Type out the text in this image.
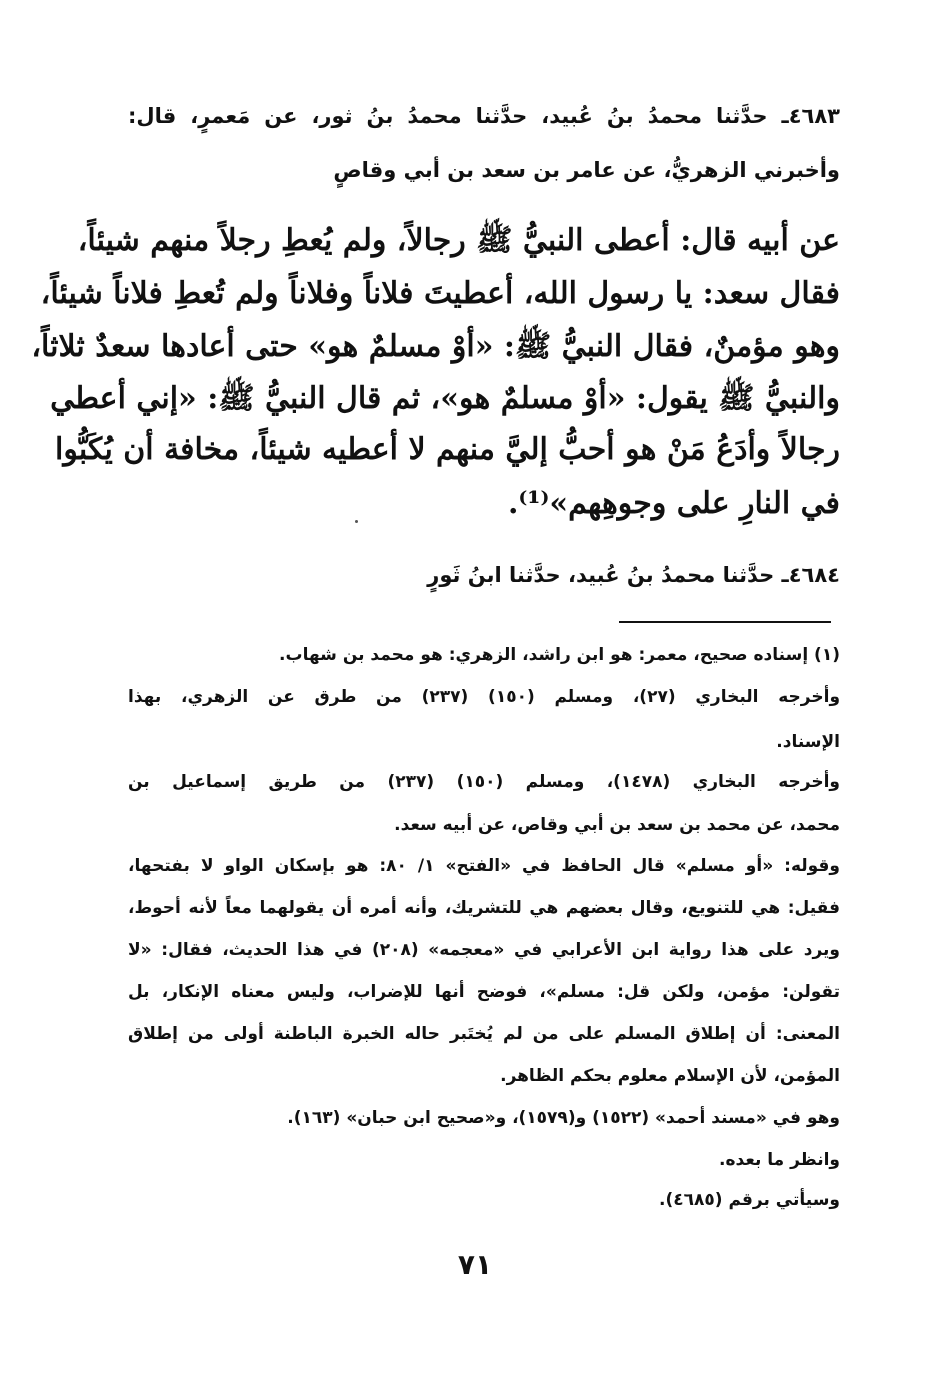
٤٦٨٣ـ حدَّثنا محمدُ بنُ عُبيد، حدَّثنا محمدُ بنُ ثور، عن مَعمرٍ، قال:
وأخبرني الزهريُّ، عن عامر بن سعد بن أبي وقاصٍ
عن أبيه قال: أعطى النبيُّ ﷺ رجالاً، ولم يُعطِ رجلاً منهم شيئاً،
فقال سعد: يا رسول الله، أعطيتَ فلاناً وفلاناً ولم تُعطِ فلاناً شيئاً،
وهو مؤمنٌ، فقال النبيُّ ﷺ: «أوْ مسلمٌ هو» حتى أعادها سعدٌ ثلاثاً،
والنبيُّ ﷺ يقول: «أوْ مسلمٌ هو»، ثم قال النبيُّ ﷺ: «إني أعطي
رجالاً وأدَعُ مَنْ هو أحبُّ إليَّ منهم لا أعطيه شيئاً، مخافة أن يُكَبُّوا
في النارِ على وجوهِهم»⁽¹⁾.
٤٦٨٤ـ حدَّثنا محمدُ بنُ عُبيد، حدَّثنا ابنُ ثَورٍ
(١) إسناده صحيح، معمر: هو ابن راشد، الزهري: هو محمد بن شهاب.
وأخرجه البخاري (٢٧)، ومسلم (١٥٠) (٢٣٧) من طرق عن الزهري، بهذا
الإسناد.
وأخرجه البخاري (١٤٧٨)، ومسلم (١٥٠) (٢٣٧) من طريق إسماعيل بن
محمد، عن محمد بن سعد بن أبي وقاص، عن أبيه سعد.
وقوله: «أو مسلم» قال الحافظ في «الفتح» ١/ ٨٠: هو بإسكان الواو لا بفتحها،
فقيل: هي للتنويع، وقال بعضهم هي للتشريك، وأنه أمره أن يقولهما معاً لأنه أحوط،
ويرد على هذا رواية ابن الأعرابي في «معجمه» (٢٠٨) في هذا الحديث، فقال: «لا
تقولن: مؤمن، ولكن قل: مسلم»، فوضح أنها للإضراب، وليس معناه الإنكار، بل
المعنى: أن إطلاق المسلم على من لم يُختَبر حاله الخبرة الباطنة أولى من إطلاق
المؤمن، لأن الإسلام معلوم بحكم الظاهر.
وهو في «مسند أحمد» (١٥٢٢) و(١٥٧٩)، و«صحيح ابن حبان» (١٦٣).
وانظر ما بعده.
وسيأتي برقم (٤٦٨٥).
٧١
